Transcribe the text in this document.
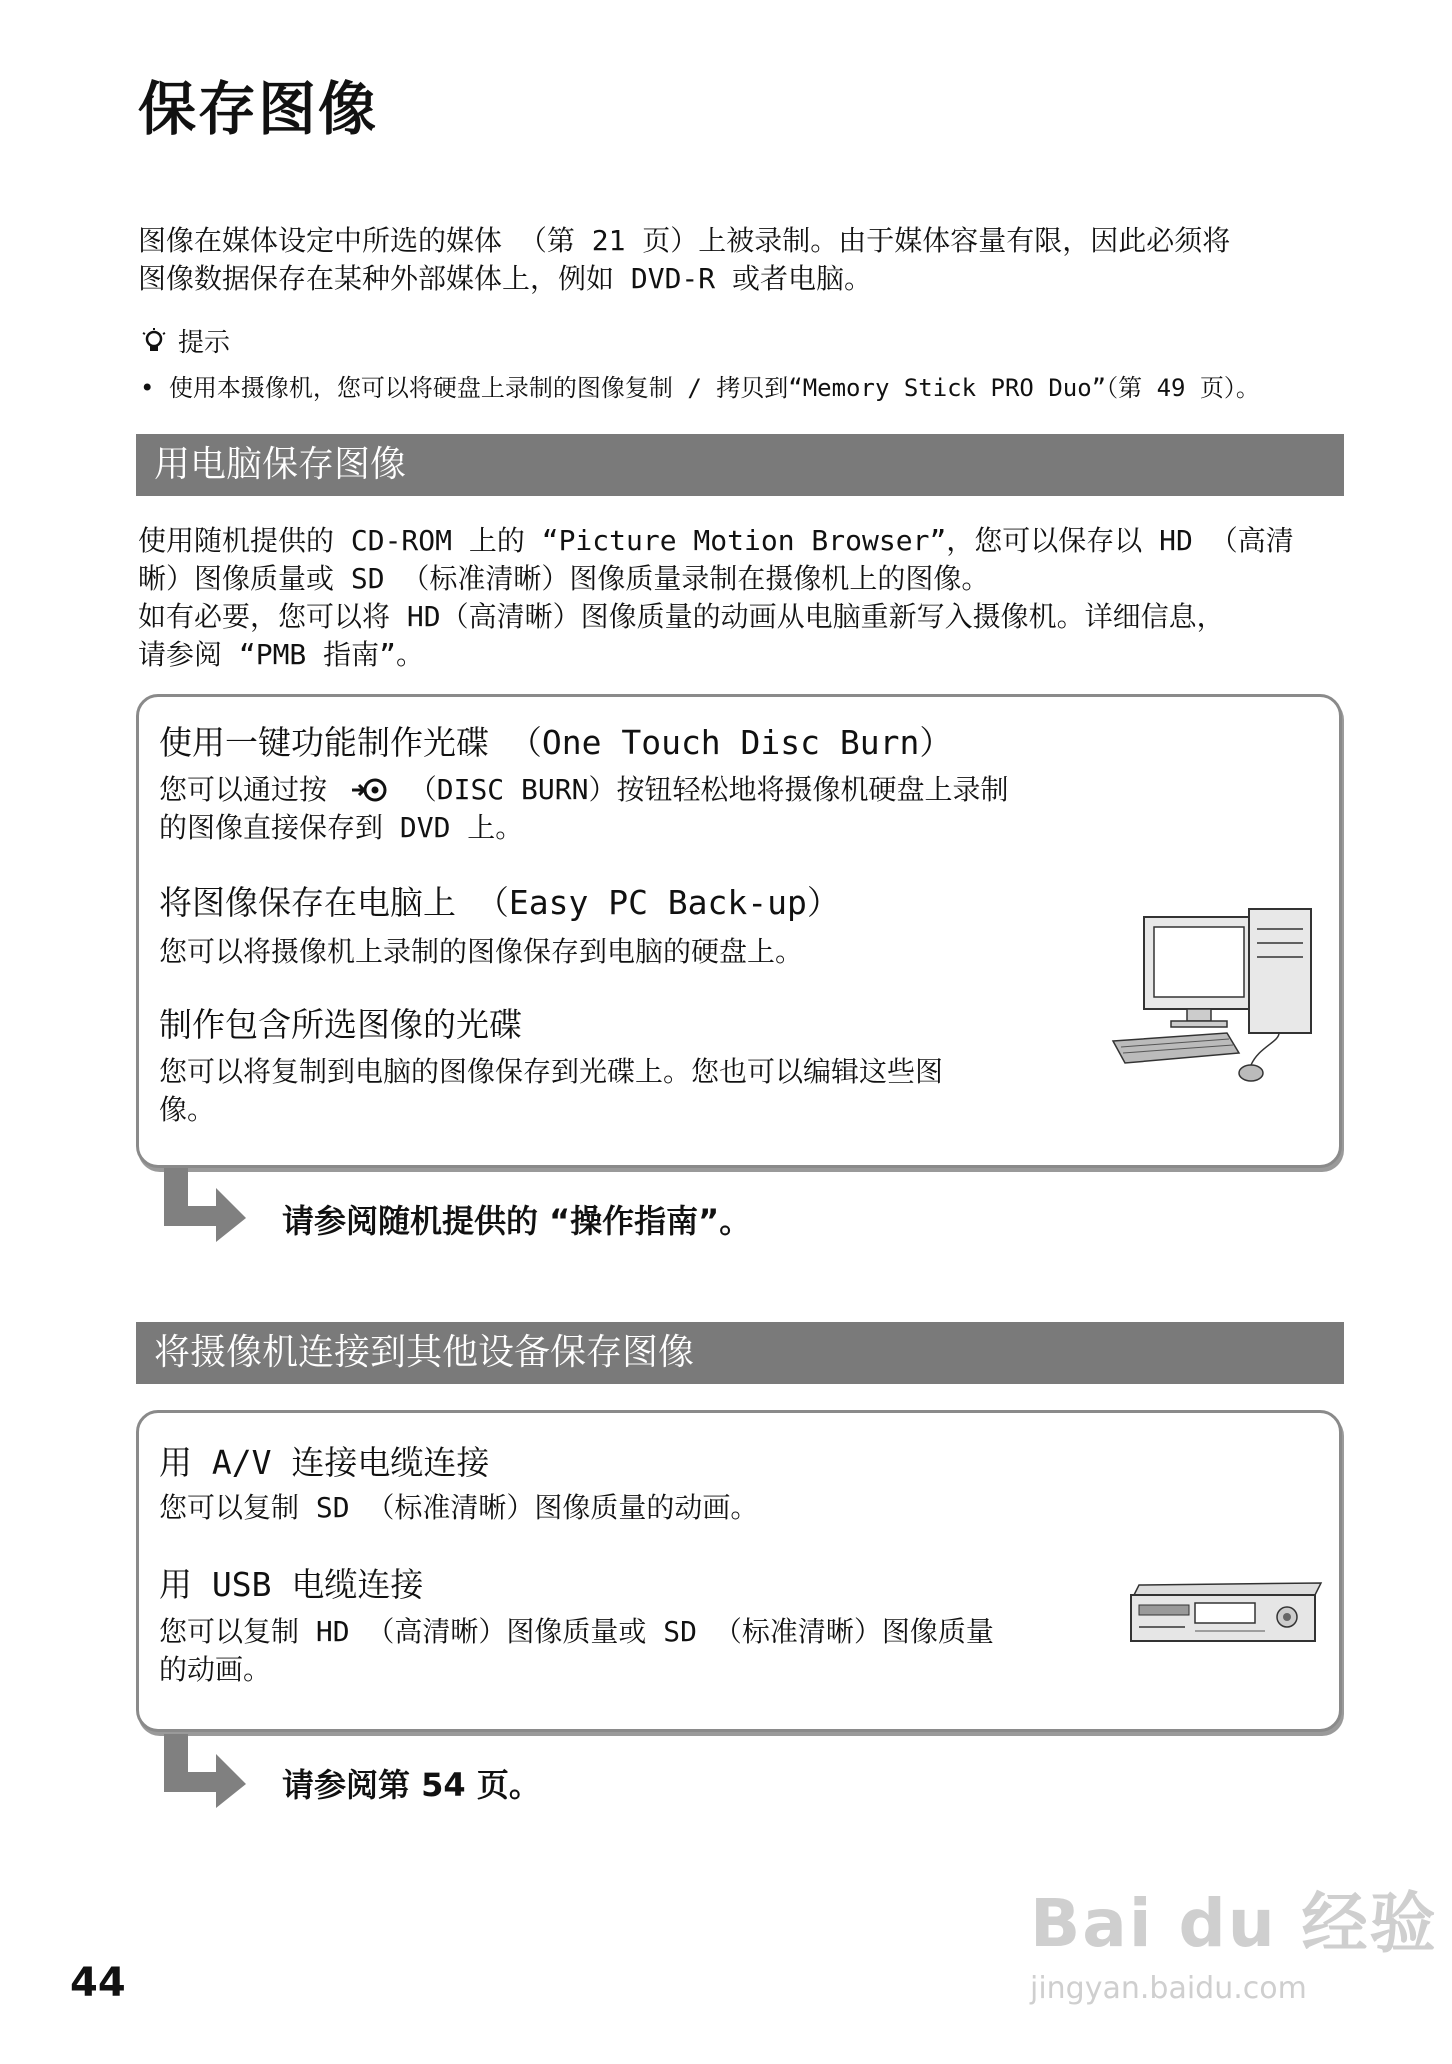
保存图像

图像在媒体设定中所选的媒体 （第 21 页）上被录制。由于媒体容量有限，因此必须将

图像数据保存在某种外部媒体上，例如 DVD-R 或者电脑。

提示
• 使用本摄像机，您可以将硬盘上录制的图像复制 / 拷贝到“Memory Stick PRO Duo”（第 49 页）。
用电脑保存图像

使用随机提供的 CD-ROM 上的 “Picture Motion Browser”，您可以保存以 HD （高清

晰）图像质量或 SD （标准清晰）图像质量录制在摄像机上的图像。

如有必要，您可以将 HD（高清晰）图像质量的动画从电脑重新写入摄像机。详细信息，

请参阅 “PMB 指南”。

使用一键功能制作光碟 （One Touch Disc Burn）
您可以通过按	（DISC BURN）按钮轻松地将摄像机硬盘上录制
的图像直接保存到 DVD 上。
将图像保存在电脑上 （Easy PC Back-up）
您可以将摄像机上录制的图像保存到电脑的硬盘上。
制作包含所选图像的光碟
您可以将复制到电脑的图像保存到光碟上。您也可以编辑这些图
像。
请参阅随机提供的 “操作指南”。
将摄像机连接到其他设备保存图像
用 A/V 连接电缆连接
您可以复制 SD （标准清晰）图像质量的动画。
用 USB 电缆连接
您可以复制 HD （高清晰）图像质量或 SD （标准清晰）图像质量
的动画。
请参阅第 54 页。
44
Bai du 经验
jingyan.baidu.com
